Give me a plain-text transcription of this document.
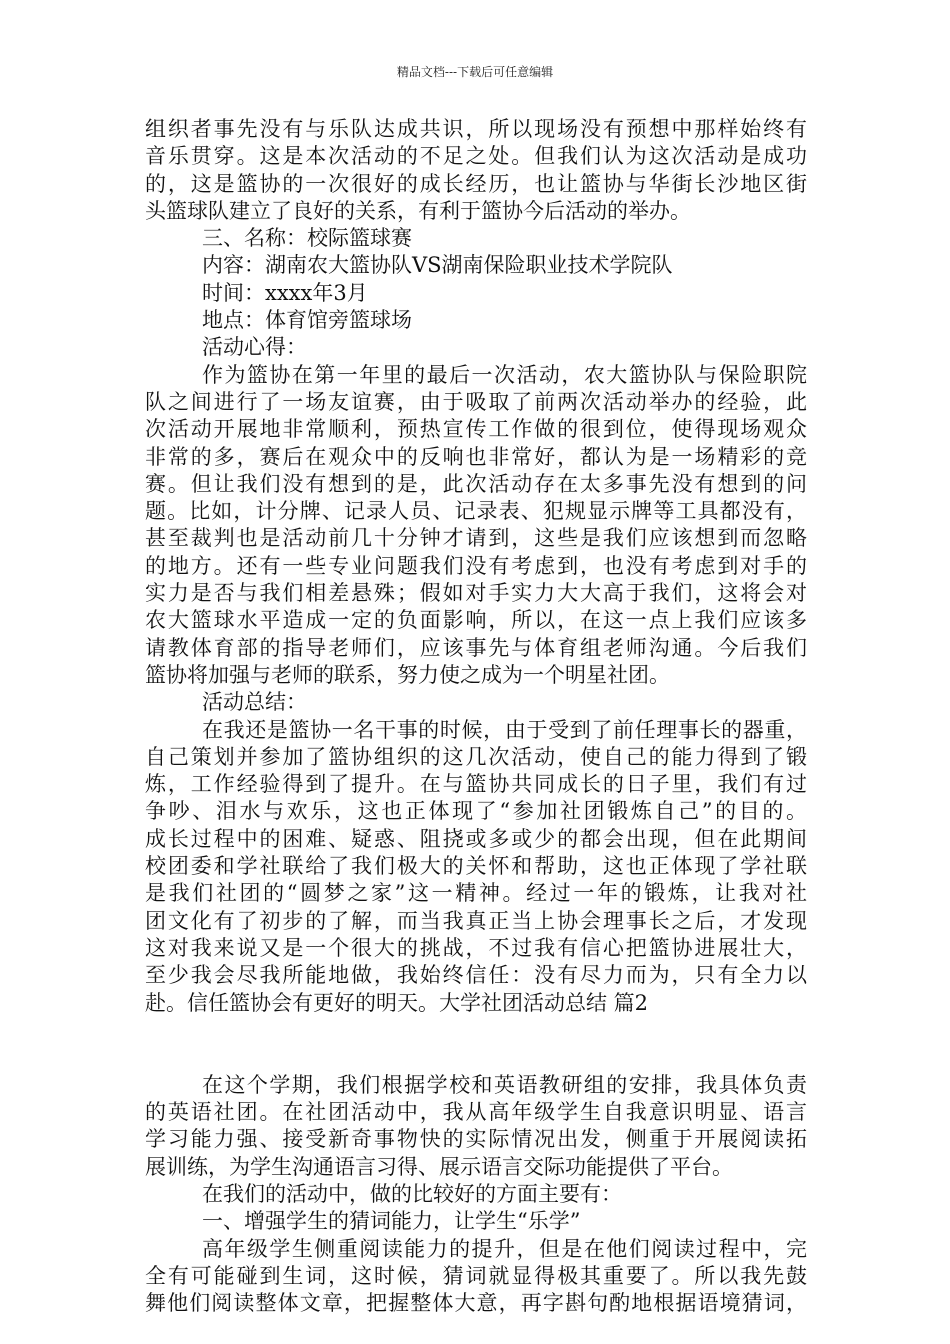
精品文档---下载后可任意编辑
组织者事先没有与乐队达成共识，所以现场没有预想中那样始终有
音乐贯穿。这是本次活动的不足之处。但我们认为这次活动是成功
的，这是篮协的一次很好的成长经历，也让篮协与华街长沙地区街
头篮球队建立了良好的关系，有利于篮协今后活动的举办。
三、名称：校际篮球赛
内容：湖南农大篮协队VS湖南保险职业技术学院队
时间：xxxx年3月
地点：体育馆旁篮球场
活动心得：
作为篮协在第一年里的最后一次活动，农大篮协队与保险职院
队之间进行了一场友谊赛，由于吸取了前两次活动举办的经验，此
次活动开展地非常顺利，预热宣传工作做的很到位，使得现场观众
非常的多，赛后在观众中的反响也非常好，都认为是一场精彩的竞
赛。但让我们没有想到的是，此次活动存在太多事先没有想到的问
题。比如，计分牌、记录人员、记录表、犯规显示牌等工具都没有，
甚至裁判也是活动前几十分钟才请到，这些是我们应该想到而忽略
的地方。还有一些专业问题我们没有考虑到，也没有考虑到对手的
实力是否与我们相差悬殊；假如对手实力大大高于我们，这将会对
农大篮球水平造成一定的负面影响，所以，在这一点上我们应该多
请教体育部的指导老师们，应该事先与体育组老师沟通。今后我们
篮协将加强与老师的联系，努力使之成为一个明星社团。
活动总结：
在我还是篮协一名干事的时候，由于受到了前任理事长的器重，
自己策划并参加了篮协组织的这几次活动，使自己的能力得到了锻
炼，工作经验得到了提升。在与篮协共同成长的日子里，我们有过
争吵、泪水与欢乐，这也正体现了“参加社团锻炼自己”的目的。
成长过程中的困难、疑惑、阻挠或多或少的都会出现，但在此期间
校团委和学社联给了我们极大的关怀和帮助，这也正体现了学社联
是我们社团的“圆梦之家”这一精神。经过一年的锻炼，让我对社
团文化有了初步的了解，而当我真正当上协会理事长之后，才发现
这对我来说又是一个很大的挑战，不过我有信心把篮协进展壮大，
至少我会尽我所能地做，我始终信任：没有尽力而为，只有全力以
赴。信任篮协会有更好的明天。大学社团活动总结 篇2
在这个学期，我们根据学校和英语教研组的安排，我具体负责
的英语社团。在社团活动中，我从高年级学生自我意识明显、语言
学习能力强、接受新奇事物快的实际情况出发，侧重于开展阅读拓
展训练，为学生沟通语言习得、展示语言交际功能提供了平台。
在我们的活动中，做的比较好的方面主要有：
一、增强学生的猜词能力，让学生“乐学”
高年级学生侧重阅读能力的提升，但是在他们阅读过程中，完
全有可能碰到生词，这时候，猜词就显得极其重要了。所以我先鼓
舞他们阅读整体文章，把握整体大意，再字斟句酌地根据语境猜词，
